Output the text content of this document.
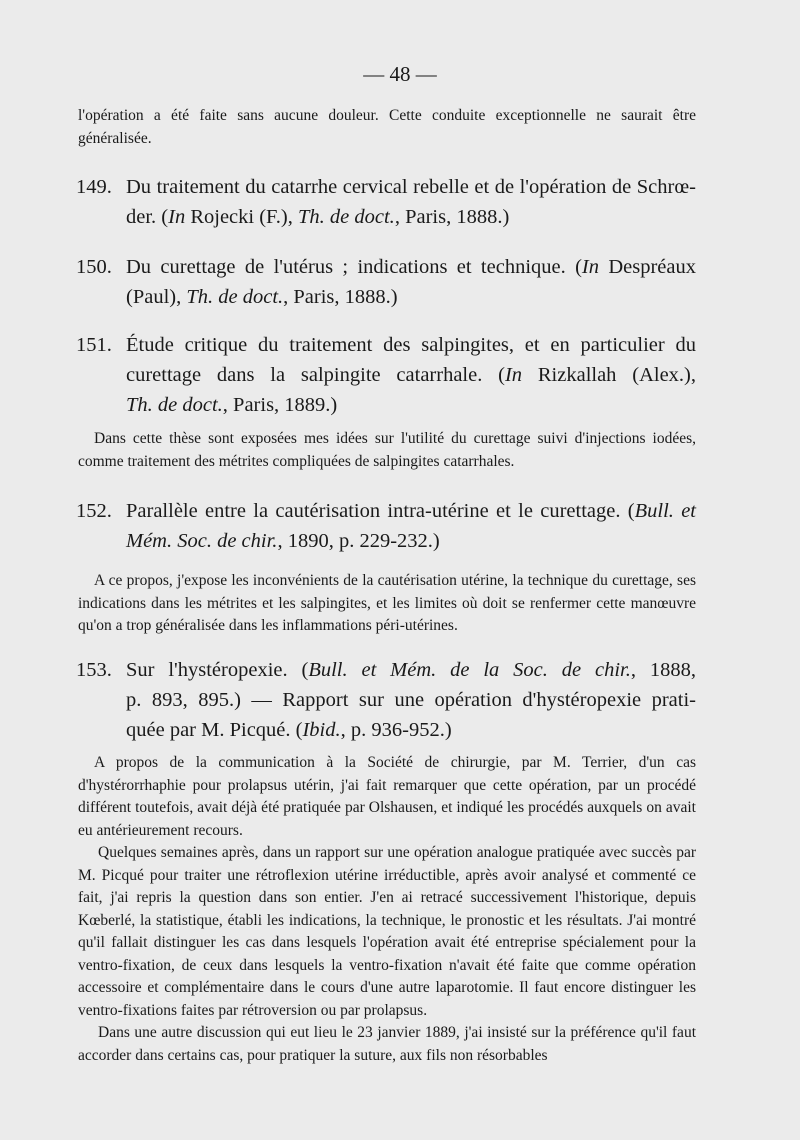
— 48 —
l'opération a été faite sans aucune douleur. Cette conduite exceptionnelle ne saurait être généralisée.
149. Du traitement du catarrhe cervical rebelle et de l'opération de Schrœ-
der. (In Rojecki (F.), Th. de doct., Paris, 1888.)
150. Du curettage de l'utérus ; indications et technique. (In Despréaux
(Paul), Th. de doct., Paris, 1888.)
151. Étude critique du traitement des salpingites, et en particulier du
curettage dans la salpingite catarrhale. (In Rizkallah (Alex.),
Th. de doct., Paris, 1889.)

Dans cette thèse sont exposées mes idées sur l'utilité du curettage suivi d'injections iodées, comme traitement des métrites compliquées de salpingites catarrhales.

152. Parallèle entre la cautérisation intra-utérine et le curettage. (Bull. et
Mém. Soc. de chir., 1890, p. 229-232.)

A ce propos, j'expose les inconvénients de la cautérisation utérine, la technique du curettage, ses indications dans les métrites et les salpingites, et les limites où doit se renfermer cette manœuvre qu'on a trop généralisée dans les inflammations péri-utérines.

153. Sur l'hystéropexie. (Bull. et Mém. de la Soc. de chir., 1888,
p. 893, 895.) — Rapport sur une opération d'hystéropexie prati-
quée par M. Picqué. (Ibid., p. 936-952.)

A propos de la communication à la Société de chirurgie, par M. Terrier, d'un cas d'hystérorrhaphie pour prolapsus utérin, j'ai fait remarquer que cette opération, par un procédé différent toutefois, avait déjà été pratiquée par Olshausen, et indiqué les procédés auxquels on avait eu antérieurement recours.

Quelques semaines après, dans un rapport sur une opération analogue pratiquée avec succès par M. Picqué pour traiter une rétroflexion utérine irréductible, après avoir analysé et commenté ce fait, j'ai repris la question dans son entier. J'en ai retracé successivement l'historique, depuis Kœberlé, la statistique, établi les indications, la technique, le pronostic et les résultats. J'ai montré qu'il fallait distinguer les cas dans lesquels l'opération avait été entreprise spécialement pour la ventro-fixation, de ceux dans lesquels la ventro-fixation n'avait été faite que comme opération accessoire et complémentaire dans le cours d'une autre laparotomie. Il faut encore distinguer les ventro-fixations faites par rétroversion ou par prolapsus.

Dans une autre discussion qui eut lieu le 23 janvier 1889, j'ai insisté sur la préférence qu'il faut accorder dans certains cas, pour pratiquer la suture, aux fils non résorbables
